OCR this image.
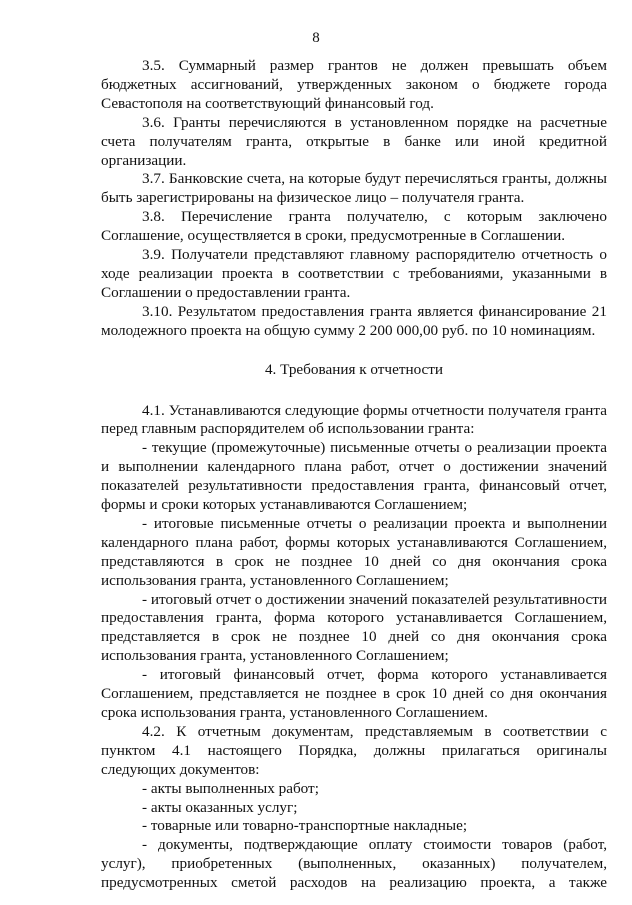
8

3.5. Суммарный размер грантов не должен превышать объем бюджетных ассигнований, утвержденных законом о бюджете города Севастополя на соответствующий финансовый год.

3.6. Гранты перечисляются в установленном порядке на расчетные счета получателям гранта, открытые в банке или иной кредитной организации.

3.7. Банковские счета, на которые будут перечисляться гранты, должны быть зарегистрированы на физическое лицо – получателя гранта.

3.8. Перечисление гранта получателю, с которым заключено Соглашение, осуществляется в сроки, предусмотренные в Соглашении.

3.9. Получатели представляют главному распорядителю отчетность о ходе реализации проекта в соответствии с требованиями, указанными в Соглашении о предоставлении гранта.

3.10. Результатом предоставления гранта является финансирование 21 молодежного проекта на общую сумму 2 200 000,00 руб. по 10 номинациям.

4. Требования к отчетности

4.1. Устанавливаются следующие формы отчетности получателя гранта перед главным распорядителем об использовании гранта:

- текущие (промежуточные) письменные отчеты о реализации проекта и выполнении календарного плана работ, отчет о достижении значений показателей результативности предоставления гранта, финансовый отчет, формы и сроки которых устанавливаются Соглашением;

- итоговые письменные отчеты о реализации проекта и выполнении календарного плана работ, формы которых устанавливаются Соглашением, представляются в срок не позднее 10 дней со дня окончания срока использования гранта, установленного Соглашением;

- итоговый отчет о достижении значений показателей результативности предоставления гранта, форма которого устанавливается Соглашением, представляется в срок не позднее 10 дней со дня окончания срока использования гранта, установленного Соглашением;

- итоговый финансовый отчет, форма которого устанавливается Соглашением, представляется не позднее в срок 10 дней со дня окончания срока использования гранта, установленного Соглашением.

4.2. К отчетным документам, представляемым в соответствии с пунктом 4.1 настоящего Порядка, должны прилагаться оригиналы следующих документов:

- акты выполненных работ;

- акты оказанных услуг;

- товарные или товарно-транспортные накладные;

- документы, подтверждающие оплату стоимости товаров (работ, услуг), приобретенных (выполненных, оказанных) получателем, предусмотренных сметой расходов на реализацию проекта, а также
